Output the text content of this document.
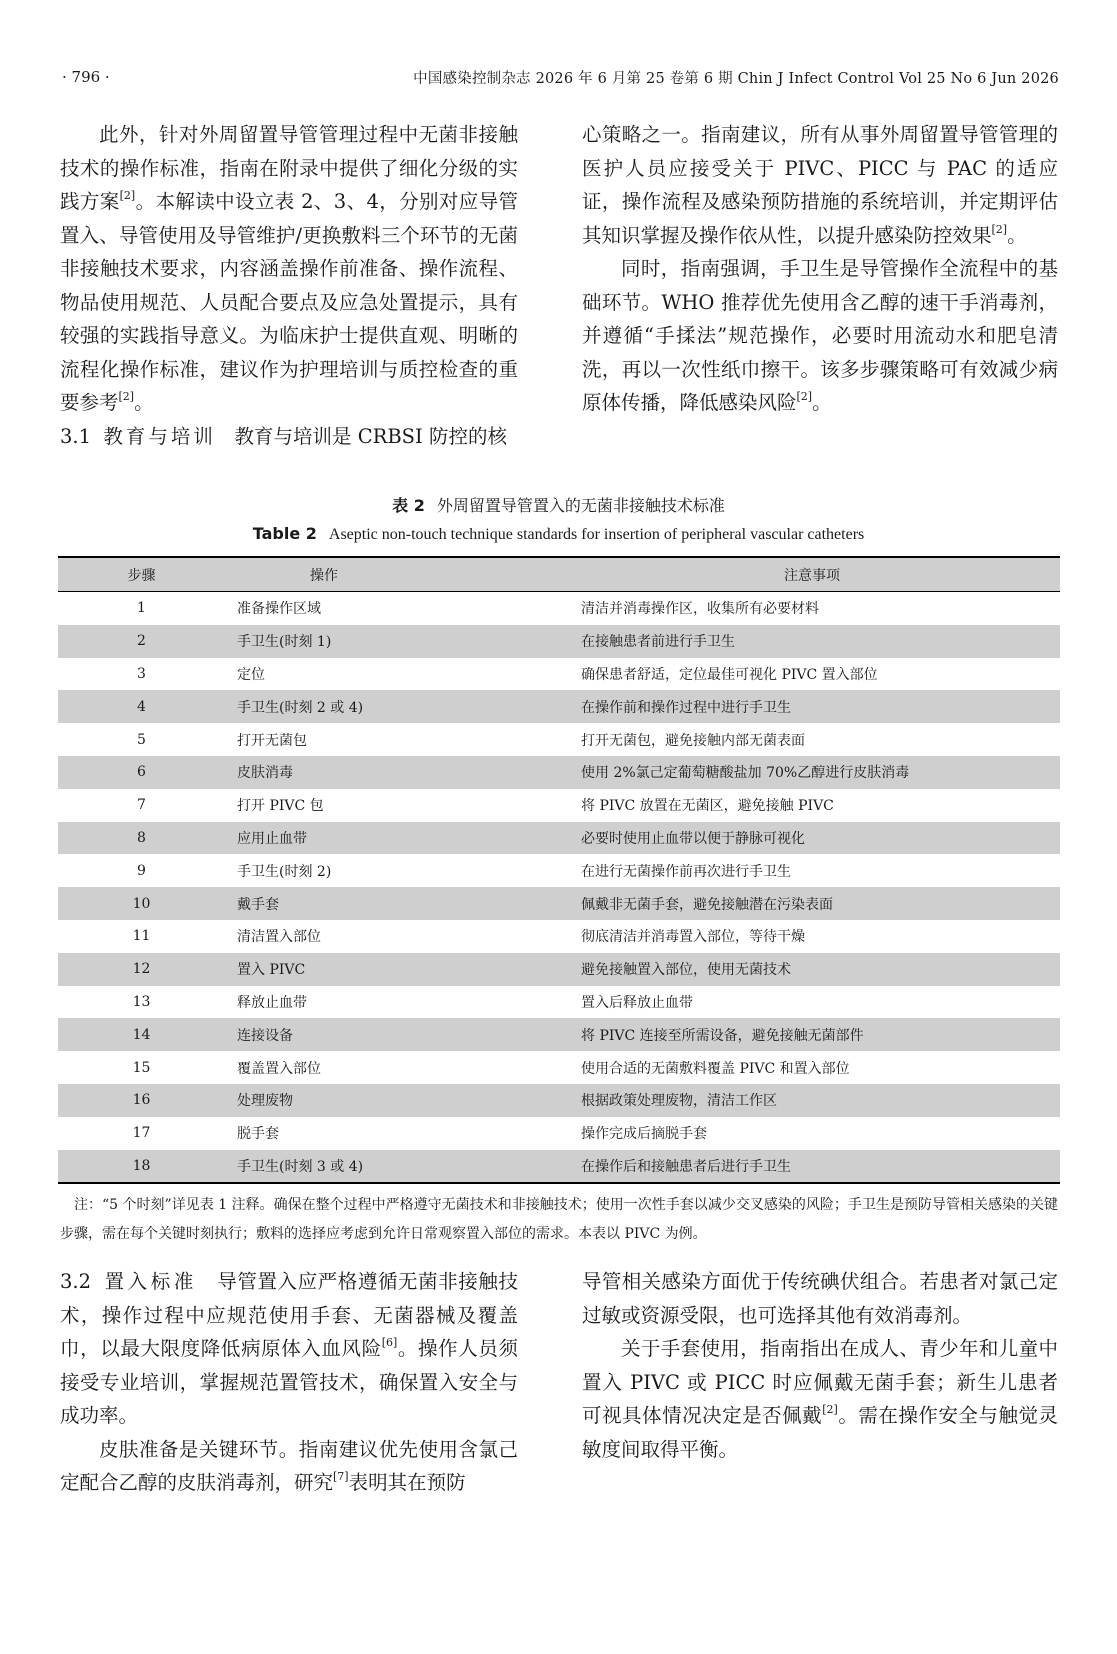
· 796 ·	中国感染控制杂志 2026 年 6 月第 25 卷第 6 期 Chin J Infect Control Vol 25 No 6 Jun 2026

此外，针对外周留置导管管理过程中无菌非接触技术的操作标准，指南在附录中提供了细化分级的实践方案[2]。本解读中设立表 2、3、4，分别对应导管置入、导管使用及导管维护/更换敷料三个环节的无菌非接触技术要求，内容涵盖操作前准备、操作流程、物品使用规范、人员配合要点及应急处置提示，具有较强的实践指导意义。为临床护士提供直观、明晰的流程化操作标准，建议作为护理培训与质控检查的重要参考[2]。

3.1 教育与培训 教育与培训是 CRBSI 防控的核

心策略之一。指南建议，所有从事外周留置导管管理的医护人员应接受关于 PIVC、PICC 与 PAC 的适应证，操作流程及感染预防措施的系统培训，并定期评估其知识掌握及操作依从性，以提升感染防控效果[2]。

同时，指南强调，手卫生是导管操作全流程中的基础环节。WHO 推荐优先使用含乙醇的速干手消毒剂，并遵循“手揉法”规范操作，必要时用流动水和肥皂清洗，再以一次性纸巾擦干。该多步骤策略可有效减少病原体传播，降低感染风险[2]。

表 2 外周留置导管置入的无菌非接触技术标准
Table 2 Aseptic non-touch technique standards for insertion of peripheral vascular catheters
步骤	操作	注意事项
1	准备操作区域	清洁并消毒操作区，收集所有必要材料
2	手卫生(时刻 1)	在接触患者前进行手卫生
3	定位	确保患者舒适，定位最佳可视化 PIVC 置入部位
4	手卫生(时刻 2 或 4)	在操作前和操作过程中进行手卫生
5	打开无菌包	打开无菌包，避免接触内部无菌表面
6	皮肤消毒	使用 2%氯己定葡萄糖酸盐加 70%乙醇进行皮肤消毒
7	打开 PIVC 包	将 PIVC 放置在无菌区，避免接触 PIVC
8	应用止血带	必要时使用止血带以便于静脉可视化
9	手卫生(时刻 2)	在进行无菌操作前再次进行手卫生
10	戴手套	佩戴非无菌手套，避免接触潜在污染表面
11	清洁置入部位	彻底清洁并消毒置入部位，等待干燥
12	置入 PIVC	避免接触置入部位，使用无菌技术
13	释放止血带	置入后释放止血带
14	连接设备	将 PIVC 连接至所需设备，避免接触无菌部件
15	覆盖置入部位	使用合适的无菌敷料覆盖 PIVC 和置入部位
16	处理废物	根据政策处理废物，清洁工作区
17	脱手套	操作完成后摘脱手套
18	手卫生(时刻 3 或 4)	在操作后和接触患者后进行手卫生
注：“5 个时刻”详见表 1 注释。确保在整个过程中严格遵守无菌技术和非接触技术；使用一次性手套以减少交叉感染的风险；手卫生是预防导管相关感染的关键步骤，需在每个关键时刻执行；敷料的选择应考虑到允许日常观察置入部位的需求。本表以 PIVC 为例。

3.2 置入标准 导管置入应严格遵循无菌非接触技术，操作过程中应规范使用手套、无菌器械及覆盖巾，以最大限度降低病原体入血风险[6]。操作人员须接受专业培训，掌握规范置管技术，确保置入安全与成功率。

皮肤准备是关键环节。指南建议优先使用含氯己定配合乙醇的皮肤消毒剂，研究[7]表明其在预防

导管相关感染方面优于传统碘伏组合。若患者对氯己定过敏或资源受限，也可选择其他有效消毒剂。

关于手套使用，指南指出在成人、青少年和儿童中置入 PIVC 或 PICC 时应佩戴无菌手套；新生儿患者可视具体情况决定是否佩戴[2]。需在操作安全与触觉灵敏度间取得平衡。
